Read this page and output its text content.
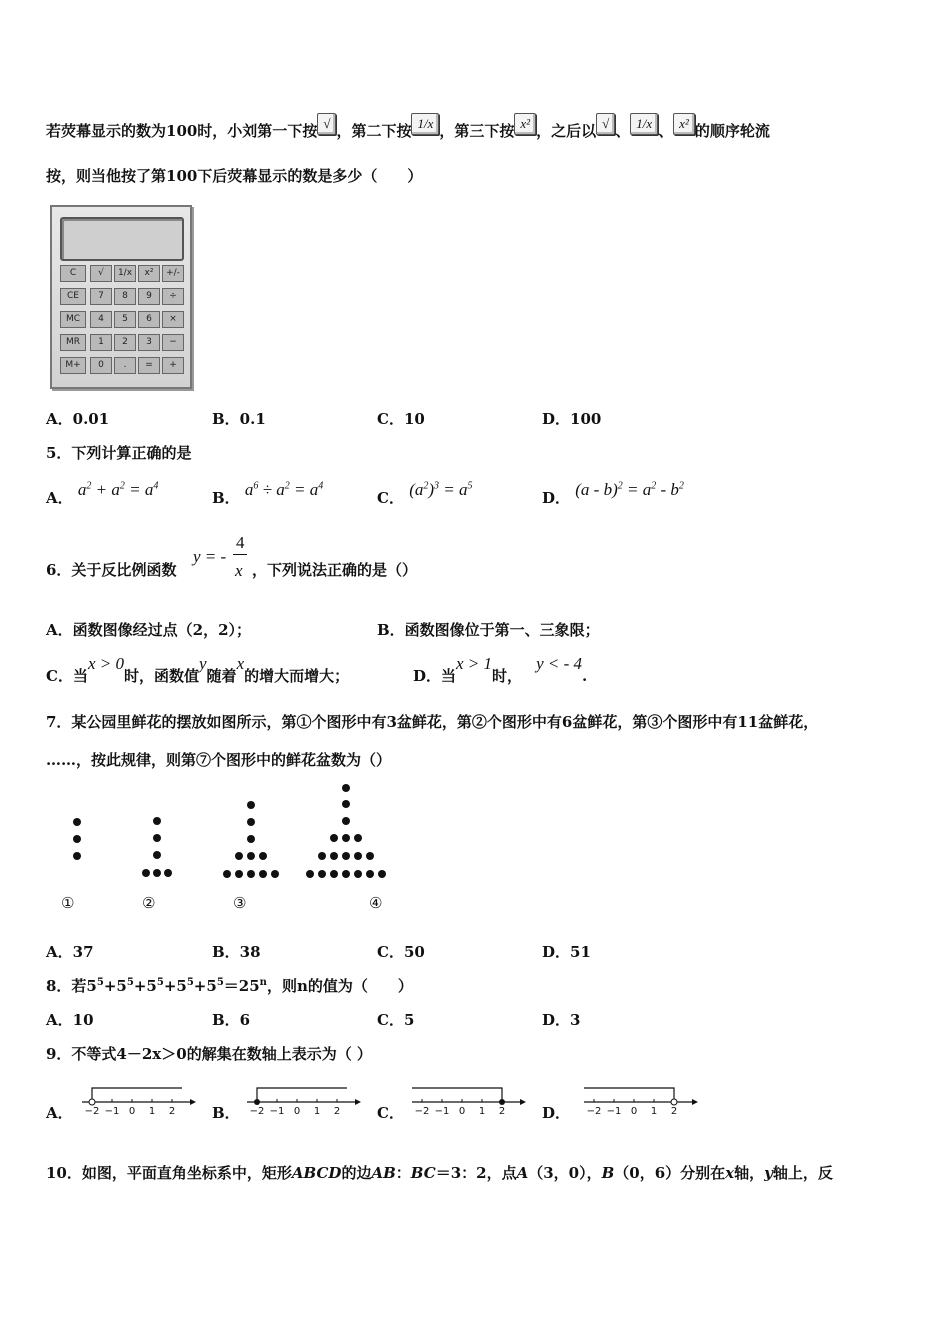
若荧幕显示的数为100时，小刘第一下按 √ ，第二下按 1/x ，第三下按 x² ，之后以 √ 、 1/x 、 x² 的顺序轮流
按，则当他按了第100下后荧幕显示的数是多少（　　）
C	√	1/x	x²	+/-
CE	7	8	9	÷
MC	4	5	6	×
MR	1	2	3	−
M+	0	.	=	+
A．0.01	B．0.1	C．10	D．100
5．下列计算正确的是
A． $a^2 + a^2 = a^4$
B． $a^6 \div a^2 = a^4$
C． $(a^2)^3 = a^5$
D． $(a - b)^2 = a^2 - b^2$
6．关于反比例函数
y = -
4
x ，下列说法正确的是（）
A．函数图像经过点（2，2）；	B．函数图像位于第一、三象限；
C．当x > 0时，函数值y随着x的增大而增大；	D．当x > 1时，y < - 4.
7．某公园里鲜花的摆放如图所示，第①个图形中有3盆鲜花，第②个图形中有6盆鲜花，第③个图形中有11盆鲜花，
……，按此规律，则第⑦个图形中的鲜花盆数为（）
①	②	③	④
A．37	B．38	C．50	D．51
8．若$5^5+5^5+5^5+5^5+5^5=25^n$，则n的值为（　　）
A．10	B．6	C．5	D．3
9．不等式4－2x＞0的解集在数轴上表示为（ ）
A．	B．	C．	D．
−2 −1 0 1 2	−2 −1 0 1 2	−2 −1 0 1 2	−2 −1 0 1 2
10．如图，平面直角坐标系中，矩形ABCD的边AB：BC＝3：2，点A（3，0），B（0，6）分别在x轴，y轴上，反
